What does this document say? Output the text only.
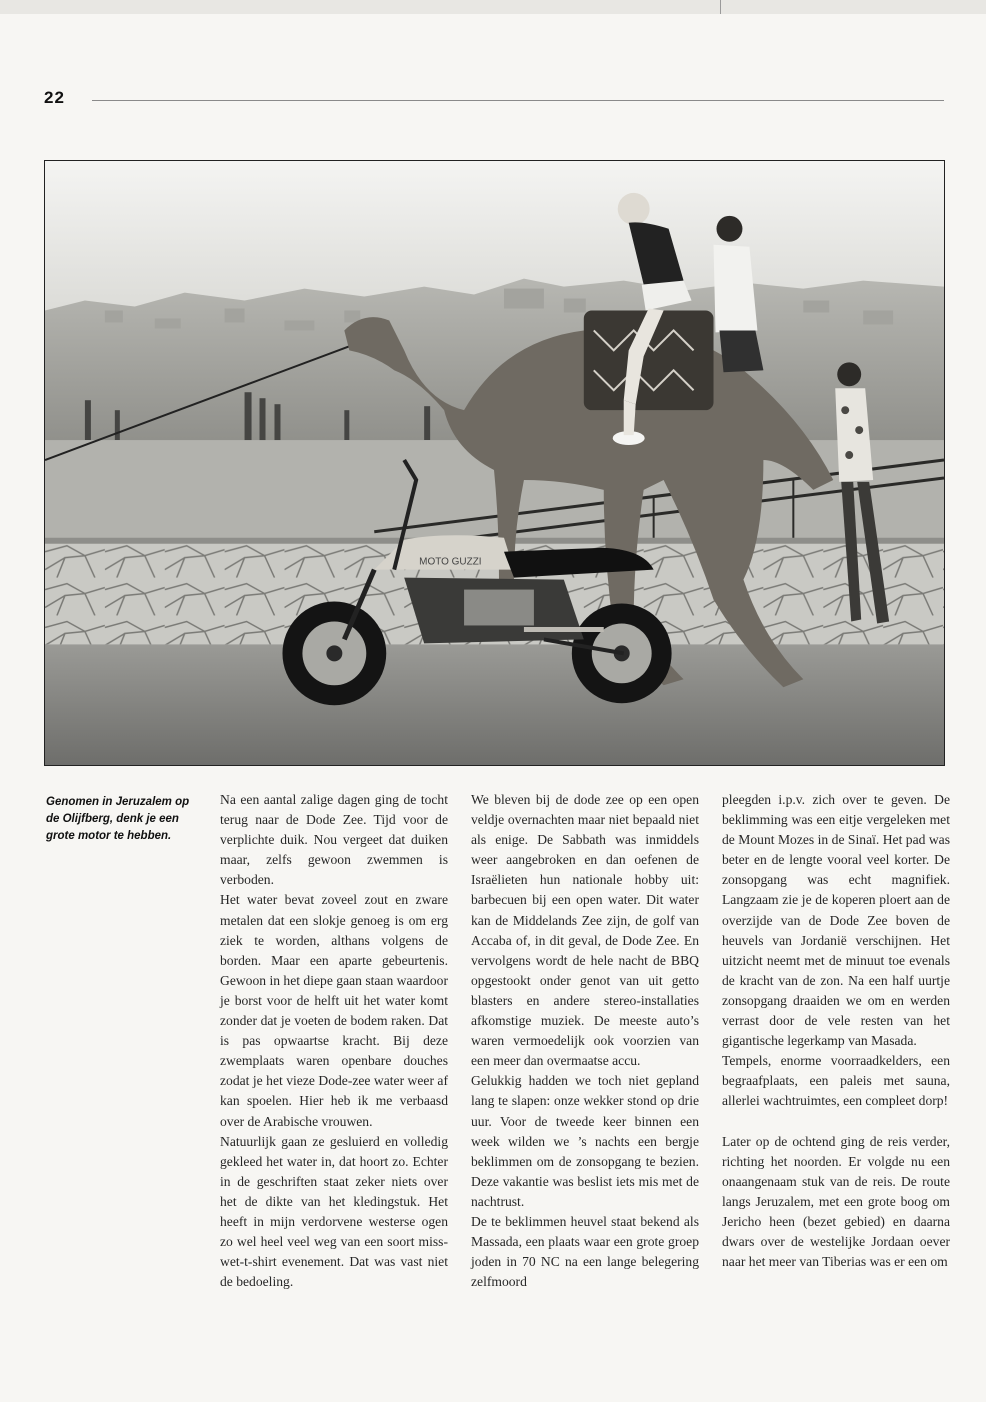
22
MOTO GUZZI
Genomen in Jeruzalem op de Olijfberg, denk je een grote motor te hebben.

Na een aantal zalige dagen ging de tocht terug naar de Dode Zee. Tijd voor de verplichte duik. Nou vergeet dat duiken maar, zelfs gewoon zwemmen is verboden.

Het water bevat zoveel zout en zware metalen dat een slokje genoeg is om erg ziek te worden, althans volgens de borden. Maar een aparte gebeurtenis. Gewoon in het diepe gaan staan waardoor je borst voor de helft uit het water komt zonder dat je voeten de bodem raken. Dat is pas opwaartse kracht. Bij deze zwemplaats waren openbare douches zodat je het vieze Dode-zee water weer af kan spoelen. Hier heb ik me verbaasd over de Arabische vrouwen.

Natuurlijk gaan ze gesluierd en volledig gekleed het water in, dat hoort zo. Echter in de geschriften staat zeker niets over het de dikte van het kledingstuk. Het heeft in mijn verdorvene westerse ogen zo wel heel veel weg van een soort miss-wet-t-shirt evenement. Dat was vast niet de bedoeling.

We bleven bij de dode zee op een open veldje overnachten maar niet bepaald niet als enige. De Sabbath was inmiddels weer aangebroken en dan oefenen de Israëlieten hun nationale hobby uit: barbecuen bij een open water. Dit water kan de Middelands Zee zijn, de golf van Accaba of, in dit geval, de Dode Zee. En vervolgens wordt de hele nacht de BBQ opgestookt onder genot van uit getto blasters en andere stereo-installaties afkomstige muziek. De meeste auto’s waren vermoedelijk ook voorzien van een meer dan overmaatse accu.

Gelukkig hadden we toch niet gepland lang te slapen: onze wekker stond op drie uur. Voor de tweede keer binnen een week wilden we ’s nachts een bergje beklimmen om de zonsopgang te bezien. Deze vakantie was beslist iets mis met de nachtrust.

De te beklimmen heuvel staat bekend als Massada, een plaats waar een grote groep joden in 70 NC na een lange belegering zelfmoord

pleegden i.p.v. zich over te geven. De beklimming was een eitje vergeleken met de Mount Mozes in de Sinaï. Het pad was beter en de lengte vooral veel korter. De zonsopgang was echt magnifiek. Langzaam zie je de koperen ploert aan de overzijde van de Dode Zee boven de heuvels van Jordanië verschijnen. Het uitzicht neemt met de minuut toe evenals de kracht van de zon. Na een half uurtje zonsopgang draaiden we om en werden verrast door de vele resten van het gigantische legerkamp van Masada.

Tempels, enorme voorraadkelders, een begraafplaats, een paleis met sauna, allerlei wachtruimtes, een compleet dorp!

Later op de ochtend ging de reis verder, richting het noorden. Er volgde nu een onaangenaam stuk van de reis. De route langs Jeruzalem, met een grote boog om Jericho heen (bezet gebied) en daarna dwars over de westelijke Jordaan oever naar het meer van Tiberias was er een om
